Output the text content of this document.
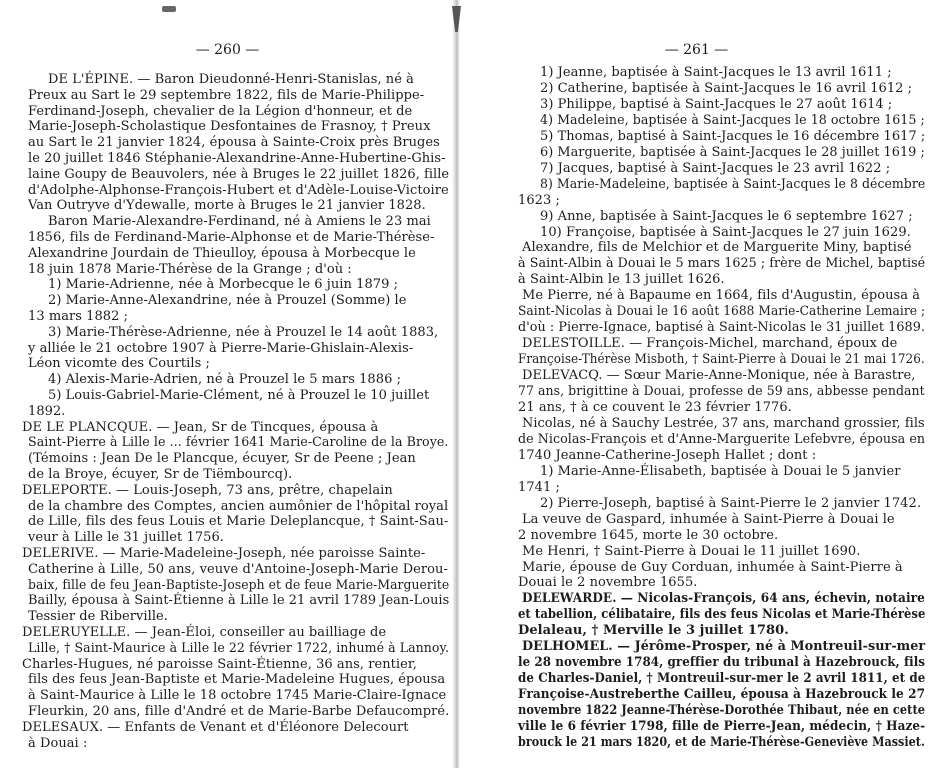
— 260 —
DE L'ÉPINE. — Baron Dieudonné-Henri-Stanislas, né à
Preux au Sart le 29 septembre 1822, fils de Marie-Philippe-
Ferdinand-Joseph, chevalier de la Légion d'honneur, et de
Marie-Joseph-Scholastique Desfontaines de Frasnoy, † Preux
au Sart le 21 janvier 1824, épousa à Sainte-Croix près Bruges
le 20 juillet 1846 Stéphanie-Alexandrine-Anne-Hubertine-Ghis-
laine Goupy de Beauvolers, née à Bruges le 22 juillet 1826, fille
d'Adolphe-Alphonse-François-Hubert et d'Adèle-Louise-Victoire
Van Outryve d'Ydewalle, morte à Bruges le 21 janvier 1828.
Baron Marie-Alexandre-Ferdinand, né à Amiens le 23 mai
1856, fils de Ferdinand-Marie-Alphonse et de Marie-Thérèse-
Alexandrine Jourdain de Thieulloy, épousa à Morbecque le
18 juin 1878 Marie-Thérèse de la Grange ; d'où :
1) Marie-Adrienne, née à Morbecque le 6 juin 1879 ;
2) Marie-Anne-Alexandrine, née à Prouzel (Somme) le
13 mars 1882 ;
3) Marie-Thérèse-Adrienne, née à Prouzel le 14 août 1883,
y alliée le 21 octobre 1907 à Pierre-Marie-Ghislain-Alexis-
Léon vicomte des Courtils ;
4) Alexis-Marie-Adrien, né à Prouzel le 5 mars 1886 ;
5) Louis-Gabriel-Marie-Clément, né à Prouzel le 10 juillet
1892.
DE LE PLANCQUE. — Jean, Sr de Tincques, épousa à
Saint-Pierre à Lille le ... février 1641 Marie-Caroline de la Broye.
(Témoins : Jean De le Plancque, écuyer, Sr de Peene ; Jean
de la Broye, écuyer, Sr de Tiëmbourcq).
DELEPORTE. — Louis-Joseph, 73 ans, prêtre, chapelain
de la chambre des Comptes, ancien aumônier de l'hôpital royal
de Lille, fils des feus Louis et Marie Deleplancque, † Saint-Sau-
veur à Lille le 31 juillet 1756.
DELERIVE. — Marie-Madeleine-Joseph, née paroisse Sainte-
Catherine à Lille, 50 ans, veuve d'Antoine-Joseph-Marie Derou-
baix, fille de feu Jean-Baptiste-Joseph et de feue Marie-Marguerite
Bailly, épousa à Saint-Étienne à Lille le 21 avril 1789 Jean-Louis
Tessier de Riberville.
DELERUYELLE. — Jean-Éloi, conseiller au bailliage de
Lille, † Saint-Maurice à Lille le 22 février 1722, inhumé à Lannoy.
Charles-Hugues, né paroisse Saint-Étienne, 36 ans, rentier,
fils des feus Jean-Baptiste et Marie-Madeleine Hugues, épousa
à Saint-Maurice à Lille le 18 octobre 1745 Marie-Claire-Ignace
Fleurkin, 20 ans, fille d'André et de Marie-Barbe Defaucompré.
DELESAUX. — Enfants de Venant et d'Éléonore Delecourt
à Douai :
— 261 —
1) Jeanne, baptisée à Saint-Jacques le 13 avril 1611 ;
2) Catherine, baptisée à Saint-Jacques le 16 avril 1612 ;
3) Philippe, baptisé à Saint-Jacques le 27 août 1614 ;
4) Madeleine, baptisée à Saint-Jacques le 18 octobre 1615 ;
5) Thomas, baptisé à Saint-Jacques le 16 décembre 1617 ;
6) Marguerite, baptisée à Saint-Jacques le 28 juillet 1619 ;
7) Jacques, baptisé à Saint-Jacques le 23 avril 1622 ;
8) Marie-Madeleine, baptisée à Saint-Jacques le 8 décembre
1623 ;
9) Anne, baptisée à Saint-Jacques le 6 septembre 1627 ;
10) Françoise, baptisée à Saint-Jacques le 27 juin 1629.
Alexandre, fils de Melchior et de Marguerite Miny, baptisé
à Saint-Albin à Douai le 5 mars 1625 ; frère de Michel, baptisé
à Saint-Albin le 13 juillet 1626.
Me Pierre, né à Bapaume en 1664, fils d'Augustin, épousa à
Saint-Nicolas à Douai le 16 août 1688 Marie-Catherine Lemaire ;
d'où : Pierre-Ignace, baptisé à Saint-Nicolas le 31 juillet 1689.
DELESTOILLE. — François-Michel, marchand, époux de
Françoise-Thérèse Misboth, † Saint-Pierre à Douai le 21 mai 1726.
DELEVACQ. — Sœur Marie-Anne-Monique, née à Barastre,
77 ans, brigittine à Douai, professe de 59 ans, abbesse pendant
21 ans, † à ce couvent le 23 février 1776.
Nicolas, né à Sauchy Lestrée, 37 ans, marchand grossier, fils
de Nicolas-François et d'Anne-Marguerite Lefebvre, épousa en
1740 Jeanne-Catherine-Joseph Hallet ; dont :
1) Marie-Anne-Élisabeth, baptisée à Douai le 5 janvier
1741 ;
2) Pierre-Joseph, baptisé à Saint-Pierre le 2 janvier 1742.
La veuve de Gaspard, inhumée à Saint-Pierre à Douai le
2 novembre 1645, morte le 30 octobre.
Me Henri, † Saint-Pierre à Douai le 11 juillet 1690.
Marie, épouse de Guy Corduan, inhumée à Saint-Pierre à
Douai le 2 novembre 1655.
DELEWARDE. — Nicolas-François, 64 ans, échevin, notaire
et tabellion, célibataire, fils des feus Nicolas et Marie-Thérèse
Delaleau, † Merville le 3 juillet 1780.
DELHOMEL. — Jérôme-Prosper, né à Montreuil-sur-mer
le 28 novembre 1784, greffier du tribunal à Hazebrouck, fils
de Charles-Daniel, † Montreuil-sur-mer le 2 avril 1811, et de
Françoise-Austreberthe Cailleu, épousa à Hazebrouck le 27
novembre 1822 Jeanne-Thérèse-Dorothée Thibaut, née en cette
ville le 6 février 1798, fille de Pierre-Jean, médecin, † Haze-
brouck le 21 mars 1820, et de Marie-Thérèse-Geneviève Massiet.
